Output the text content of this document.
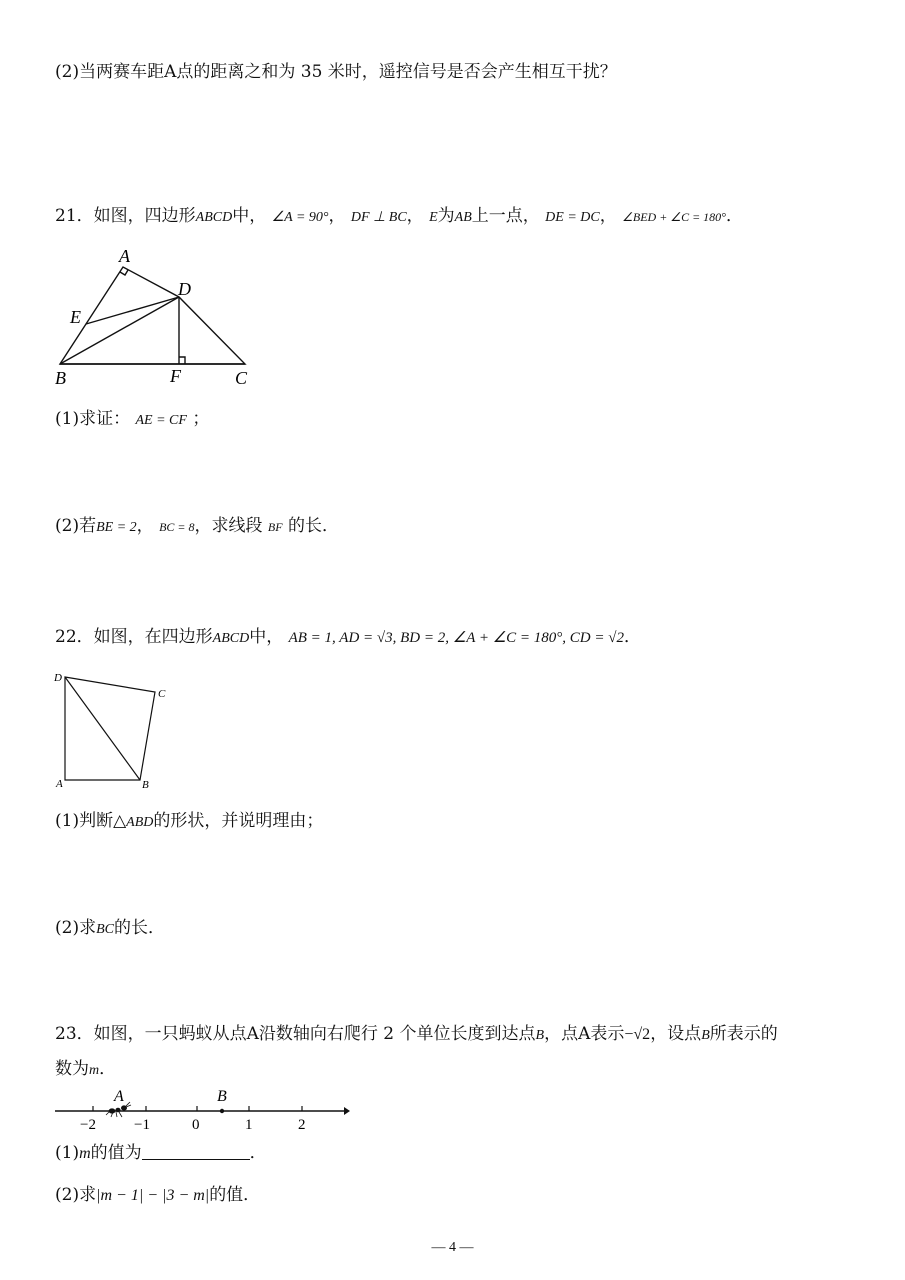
(2)当两赛车距A点的距离之和为 35 米时，遥控信号是否会产生相互干扰？
21．如图，四边形ABCD中， ∠A = 90°， DF ⊥ BC， E为AB上一点， DE = DC， ∠BED + ∠C = 180°．
A
D
E
B	F	C
(1)求证： AE = CF ；
(2)若BE = 2， BC = 8，求线段 BF 的长．
22．如图，在四边形ABCD中， AB = 1, AD = √3, BD = 2, ∠A + ∠C = 180°, CD = √2．
D
C
A	B
(1)判断△ABD的形状，并说明理由；
(2)求BC的长．
23．如图，一只蚂蚁从点A沿数轴向右爬行 2 个单位长度到达点B，点A表示−√2，设点B所表示的
数为m．
A	B
−2	−1	0	1	2
(1)m的值为	．
(2)求|m − 1| − |3 − m|的值．
— 4 —
